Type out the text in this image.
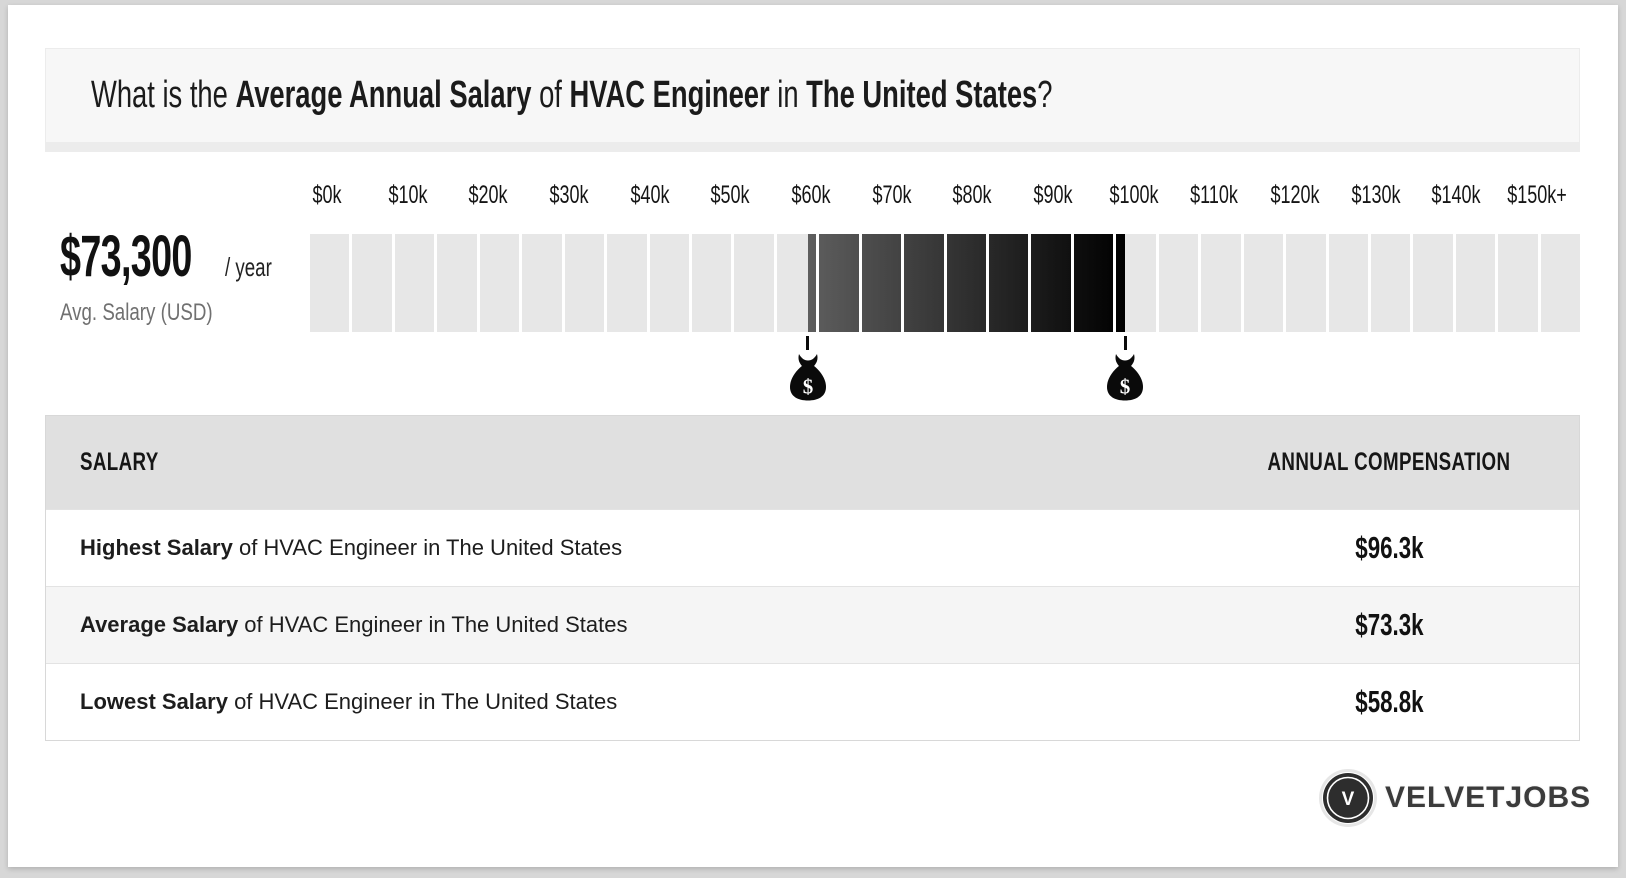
What is the Average Annual Salary of HVAC Engineer in The United States?
$73,300 / year
Avg. Salary (USD)
$0k $10k $20k $30k $40k $50k $60k $70k $80k $90k $100k $110k $120k $130k $140k $150k+
$	$
SALARY	ANNUAL COMPENSATION
Highest Salary of HVAC Engineer in The United States	$96.3k
Average Salary of HVAC Engineer in The United States	$73.3k
Lowest Salary of HVAC Engineer in The United States	$58.8k
V VELVETJOBS
